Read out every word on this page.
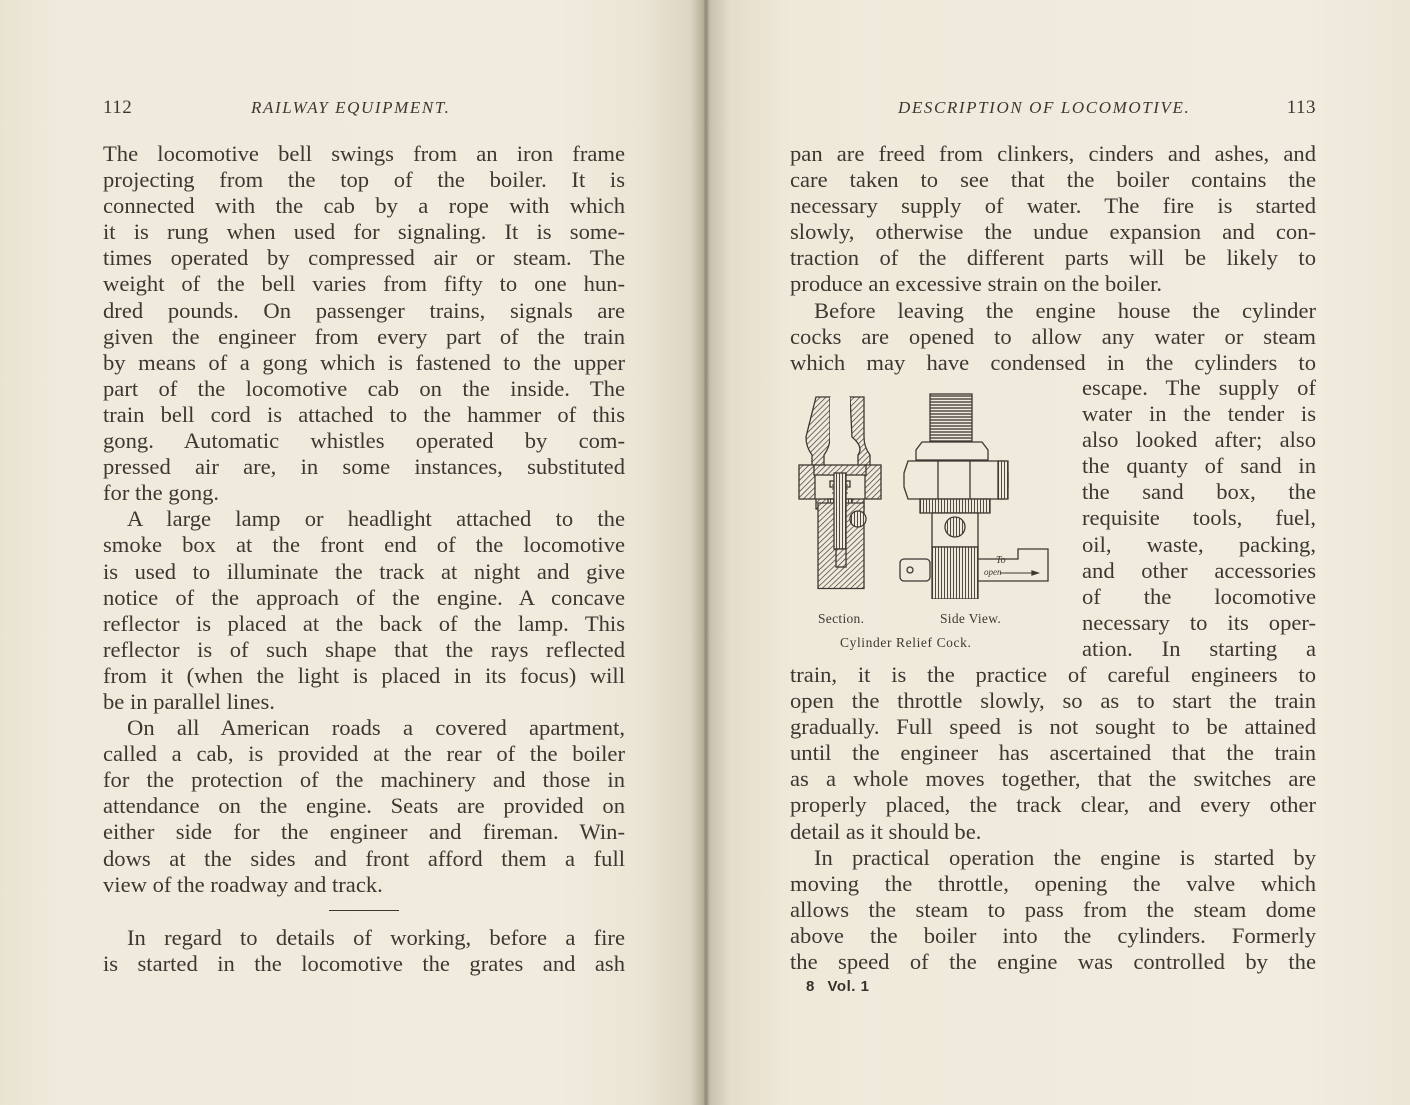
112	RAILWAY EQUIPMENT.
The locomotive bell swings from an iron frame
projecting from the top of the boiler. It is
connected with the cab by a rope with which
it is rung when used for signaling. It is some-
times operated by compressed air or steam. The
weight of the bell varies from fifty to one hun-
dred pounds. On passenger trains, signals are
given the engineer from every part of the train
by means of a gong which is fastened to the upper
part of the locomotive cab on the inside. The
train bell cord is attached to the hammer of this
gong. Automatic whistles operated by com-
pressed air are, in some instances, substituted
for the gong.
A large lamp or headlight attached to the
smoke box at the front end of the locomotive
is used to illuminate the track at night and give
notice of the approach of the engine. A concave
reflector is placed at the back of the lamp. This
reflector is of such shape that the rays reflected
from it (when the light is placed in its focus) will
be in parallel lines.
On all American roads a covered apartment,
called a cab, is provided at the rear of the boiler
for the protection of the machinery and those in
attendance on the engine. Seats are provided on
either side for the engineer and fireman. Win-
dows at the sides and front afford them a full
view of the roadway and track.
In regard to details of working, before a fire
is started in the locomotive the grates and ash
DESCRIPTION OF LOCOMOTIVE.	113
pan are freed from clinkers, cinders and ashes, and
care taken to see that the boiler contains the
necessary supply of water. The fire is started
slowly, otherwise the undue expansion and con-
traction of the different parts will be likely to
produce an excessive strain on the boiler.
Before leaving the engine house the cylinder
cocks are opened to allow any water or steam
which may have condensed in the cylinders to
To
open
Section.	Side View.
Cylinder Relief Cock.
escape. The supply of
water in the tender is
also looked after; also
the quanty of sand in
the sand box, the
requisite tools, fuel,
oil, waste, packing,
and other accessories
of the locomotive
necessary to its oper-
ation. In starting a
train, it is the practice of careful engineers to
open the throttle slowly, so as to start the train
gradually. Full speed is not sought to be attained
until the engineer has ascertained that the train
as a whole moves together, that the switches are
properly placed, the track clear, and every other
detail as it should be.
In practical operation the engine is started by
moving the throttle, opening the valve which
allows the steam to pass from the steam dome
above the boiler into the cylinders. Formerly
the speed of the engine was controlled by the
8 Vol. 1
